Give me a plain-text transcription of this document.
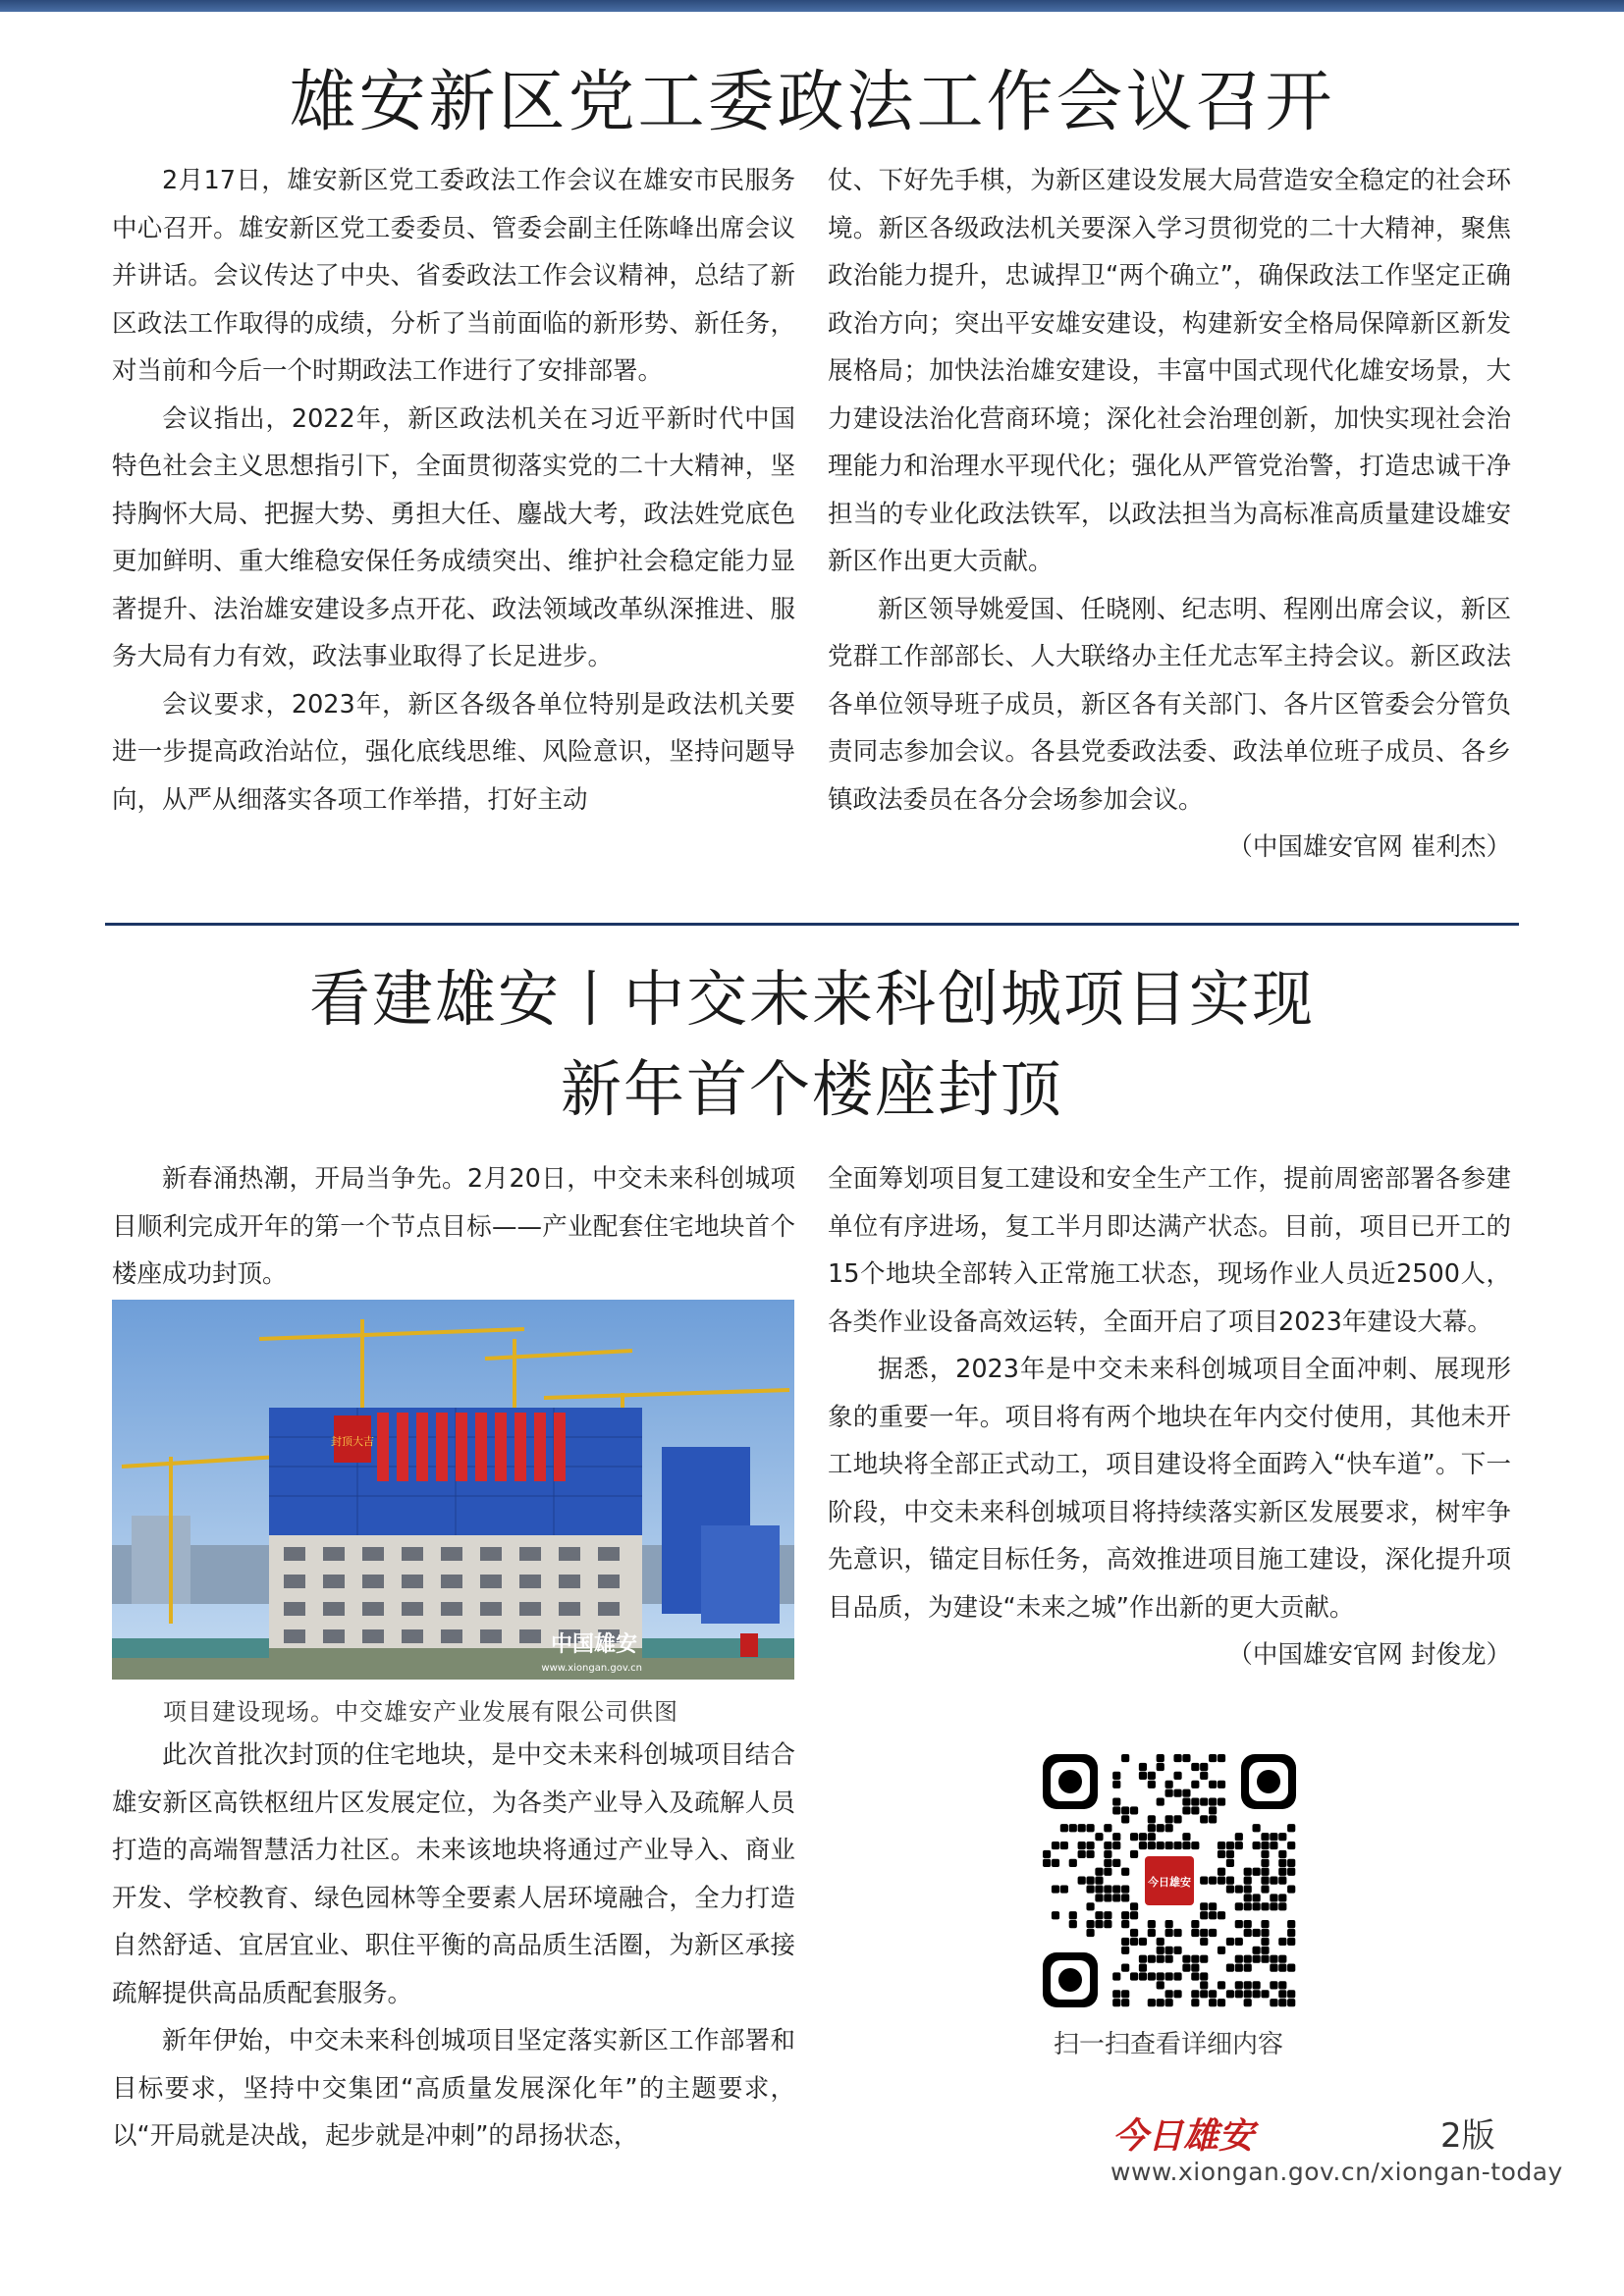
雄安新区党工委政法工作会议召开

2月17日，雄安新区党工委政法工作会议在雄安市民服务中心召开。雄安新区党工委委员、管委会副主任陈峰出席会议并讲话。会议传达了中央、省委政法工作会议精神，总结了新区政法工作取得的成绩，分析了当前面临的新形势、新任务，对当前和今后一个时期政法工作进行了安排部署。

会议指出，2022年，新区政法机关在习近平新时代中国特色社会主义思想指引下，全面贯彻落实党的二十大精神，坚持胸怀大局、把握大势、勇担大任、鏖战大考，政法姓党底色更加鲜明、重大维稳安保任务成绩突出、维护社会稳定能力显著提升、法治雄安建设多点开花、政法领域改革纵深推进、服务大局有力有效，政法事业取得了长足进步。

会议要求，2023年，新区各级各单位特别是政法机关要进一步提高政治站位，强化底线思维、风险意识，坚持问题导向，从严从细落实各项工作举措，打好主动

仗、下好先手棋，为新区建设发展大局营造安全稳定的社会环境。新区各级政法机关要深入学习贯彻党的二十大精神，聚焦政治能力提升，忠诚捍卫“两个确立”，确保政法工作坚定正确政治方向；突出平安雄安建设，构建新安全格局保障新区新发展格局；加快法治雄安建设，丰富中国式现代化雄安场景，大力建设法治化营商环境；深化社会治理创新，加快实现社会治理能力和治理水平现代化；强化从严管党治警，打造忠诚干净担当的专业化政法铁军，以政法担当为高标准高质量建设雄安新区作出更大贡献。

新区领导姚爱国、任晓刚、纪志明、程刚出席会议，新区党群工作部部长、人大联络办主任尤志军主持会议。新区政法各单位领导班子成员，新区各有关部门、各片区管委会分管负责同志参加会议。各县党委政法委、政法单位班子成员、各乡镇政法委员在各分会场参加会议。
（中国雄安官网 崔利杰）

看建雄安丨中交未来科创城项目实现
新年首个楼座封顶

新春涌热潮，开局当争先。2月20日，中交未来科创城项目顺利完成开年的第一个节点目标——产业配套住宅地块首个楼座成功封顶。

封顶大吉
中国雄安
www.xiongan.gov.cn
项目建设现场。中交雄安产业发展有限公司供图

此次首批次封顶的住宅地块，是中交未来科创城项目结合雄安新区高铁枢纽片区发展定位，为各类产业导入及疏解人员打造的高端智慧活力社区。未来该地块将通过产业导入、商业开发、学校教育、绿色园林等全要素人居环境融合，全力打造自然舒适、宜居宜业、职住平衡的高品质生活圈，为新区承接疏解提供高品质配套服务。

新年伊始，中交未来科创城项目坚定落实新区工作部署和目标要求，坚持中交集团“高质量发展深化年”的主题要求，以“开局就是决战，起步就是冲刺”的昂扬状态，

全面筹划项目复工建设和安全生产工作，提前周密部署各参建单位有序进场，复工半月即达满产状态。目前，项目已开工的15个地块全部转入正常施工状态，现场作业人员近2500人，各类作业设备高效运转，全面开启了项目2023年建设大幕。

据悉，2023年是中交未来科创城项目全面冲刺、展现形象的重要一年。项目将有两个地块在年内交付使用，其他未开工地块将全部正式动工，项目建设将全面跨入“快车道”。下一阶段，中交未来科创城项目将持续落实新区发展要求，树牢争先意识，锚定目标任务，高效推进项目施工建设，深化提升项目品质，为建设“未来之城”作出新的更大贡献。
（中国雄安官网 封俊龙）

今日雄安
扫一扫查看详细内容
今日雄安	2版
www.xiongan.gov.cn/xiongan-today
